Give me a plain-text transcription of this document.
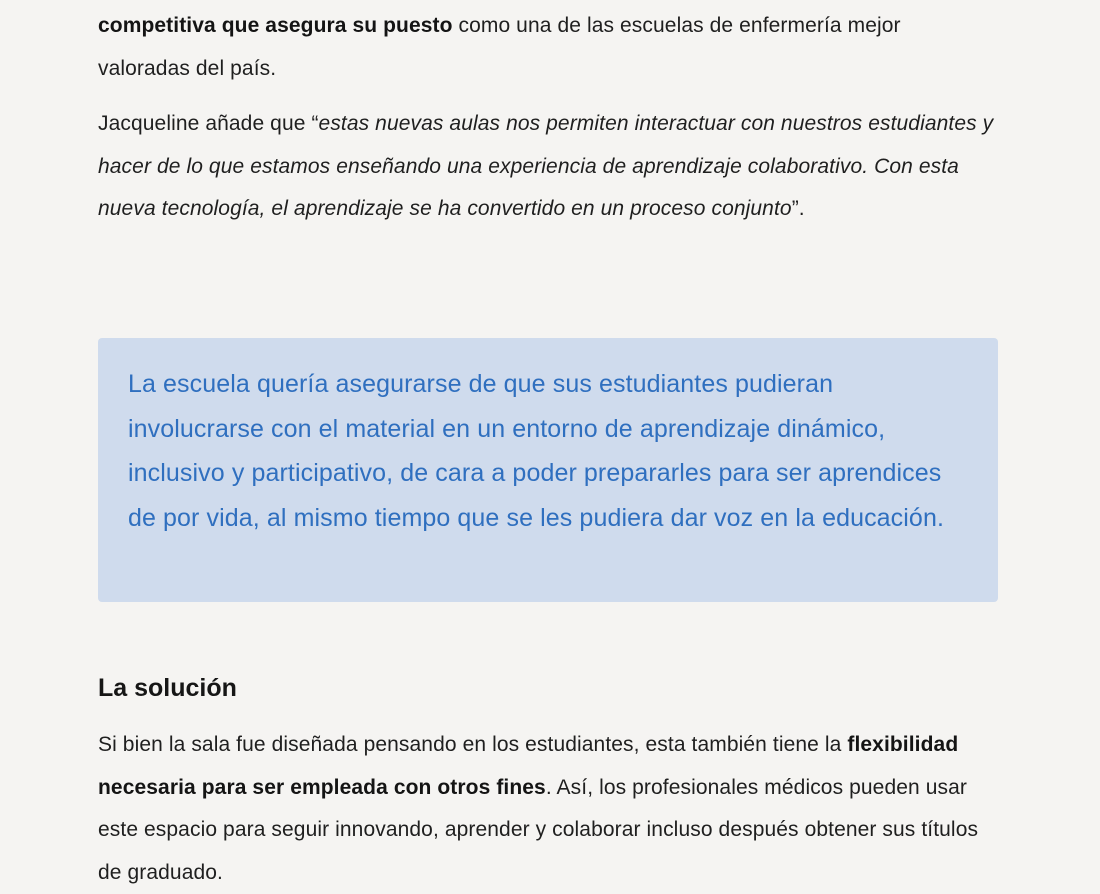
competitiva que asegura su puesto como una de las escuelas de enfermería mejor valoradas del país.

Jacqueline añade que “estas nuevas aulas nos permiten interactuar con nuestros estudiantes y hacer de lo que estamos enseñando una experiencia de aprendizaje colaborativo. Con esta nueva tecnología, el aprendizaje se ha convertido en un proceso conjunto”.

La escuela quería asegurarse de que sus estudiantes pudieran involucrarse con el material en un entorno de aprendizaje dinámico, inclusivo y participativo, de cara a poder prepararles para ser aprendices de por vida, al mismo tiempo que se les pudiera dar voz en la educación.

La solución

Si bien la sala fue diseñada pensando en los estudiantes, esta también tiene la flexibilidad necesaria para ser empleada con otros fines. Así, los profesionales médicos pueden usar este espacio para seguir innovando, aprender y colaborar incluso después obtener sus títulos de graduado.
